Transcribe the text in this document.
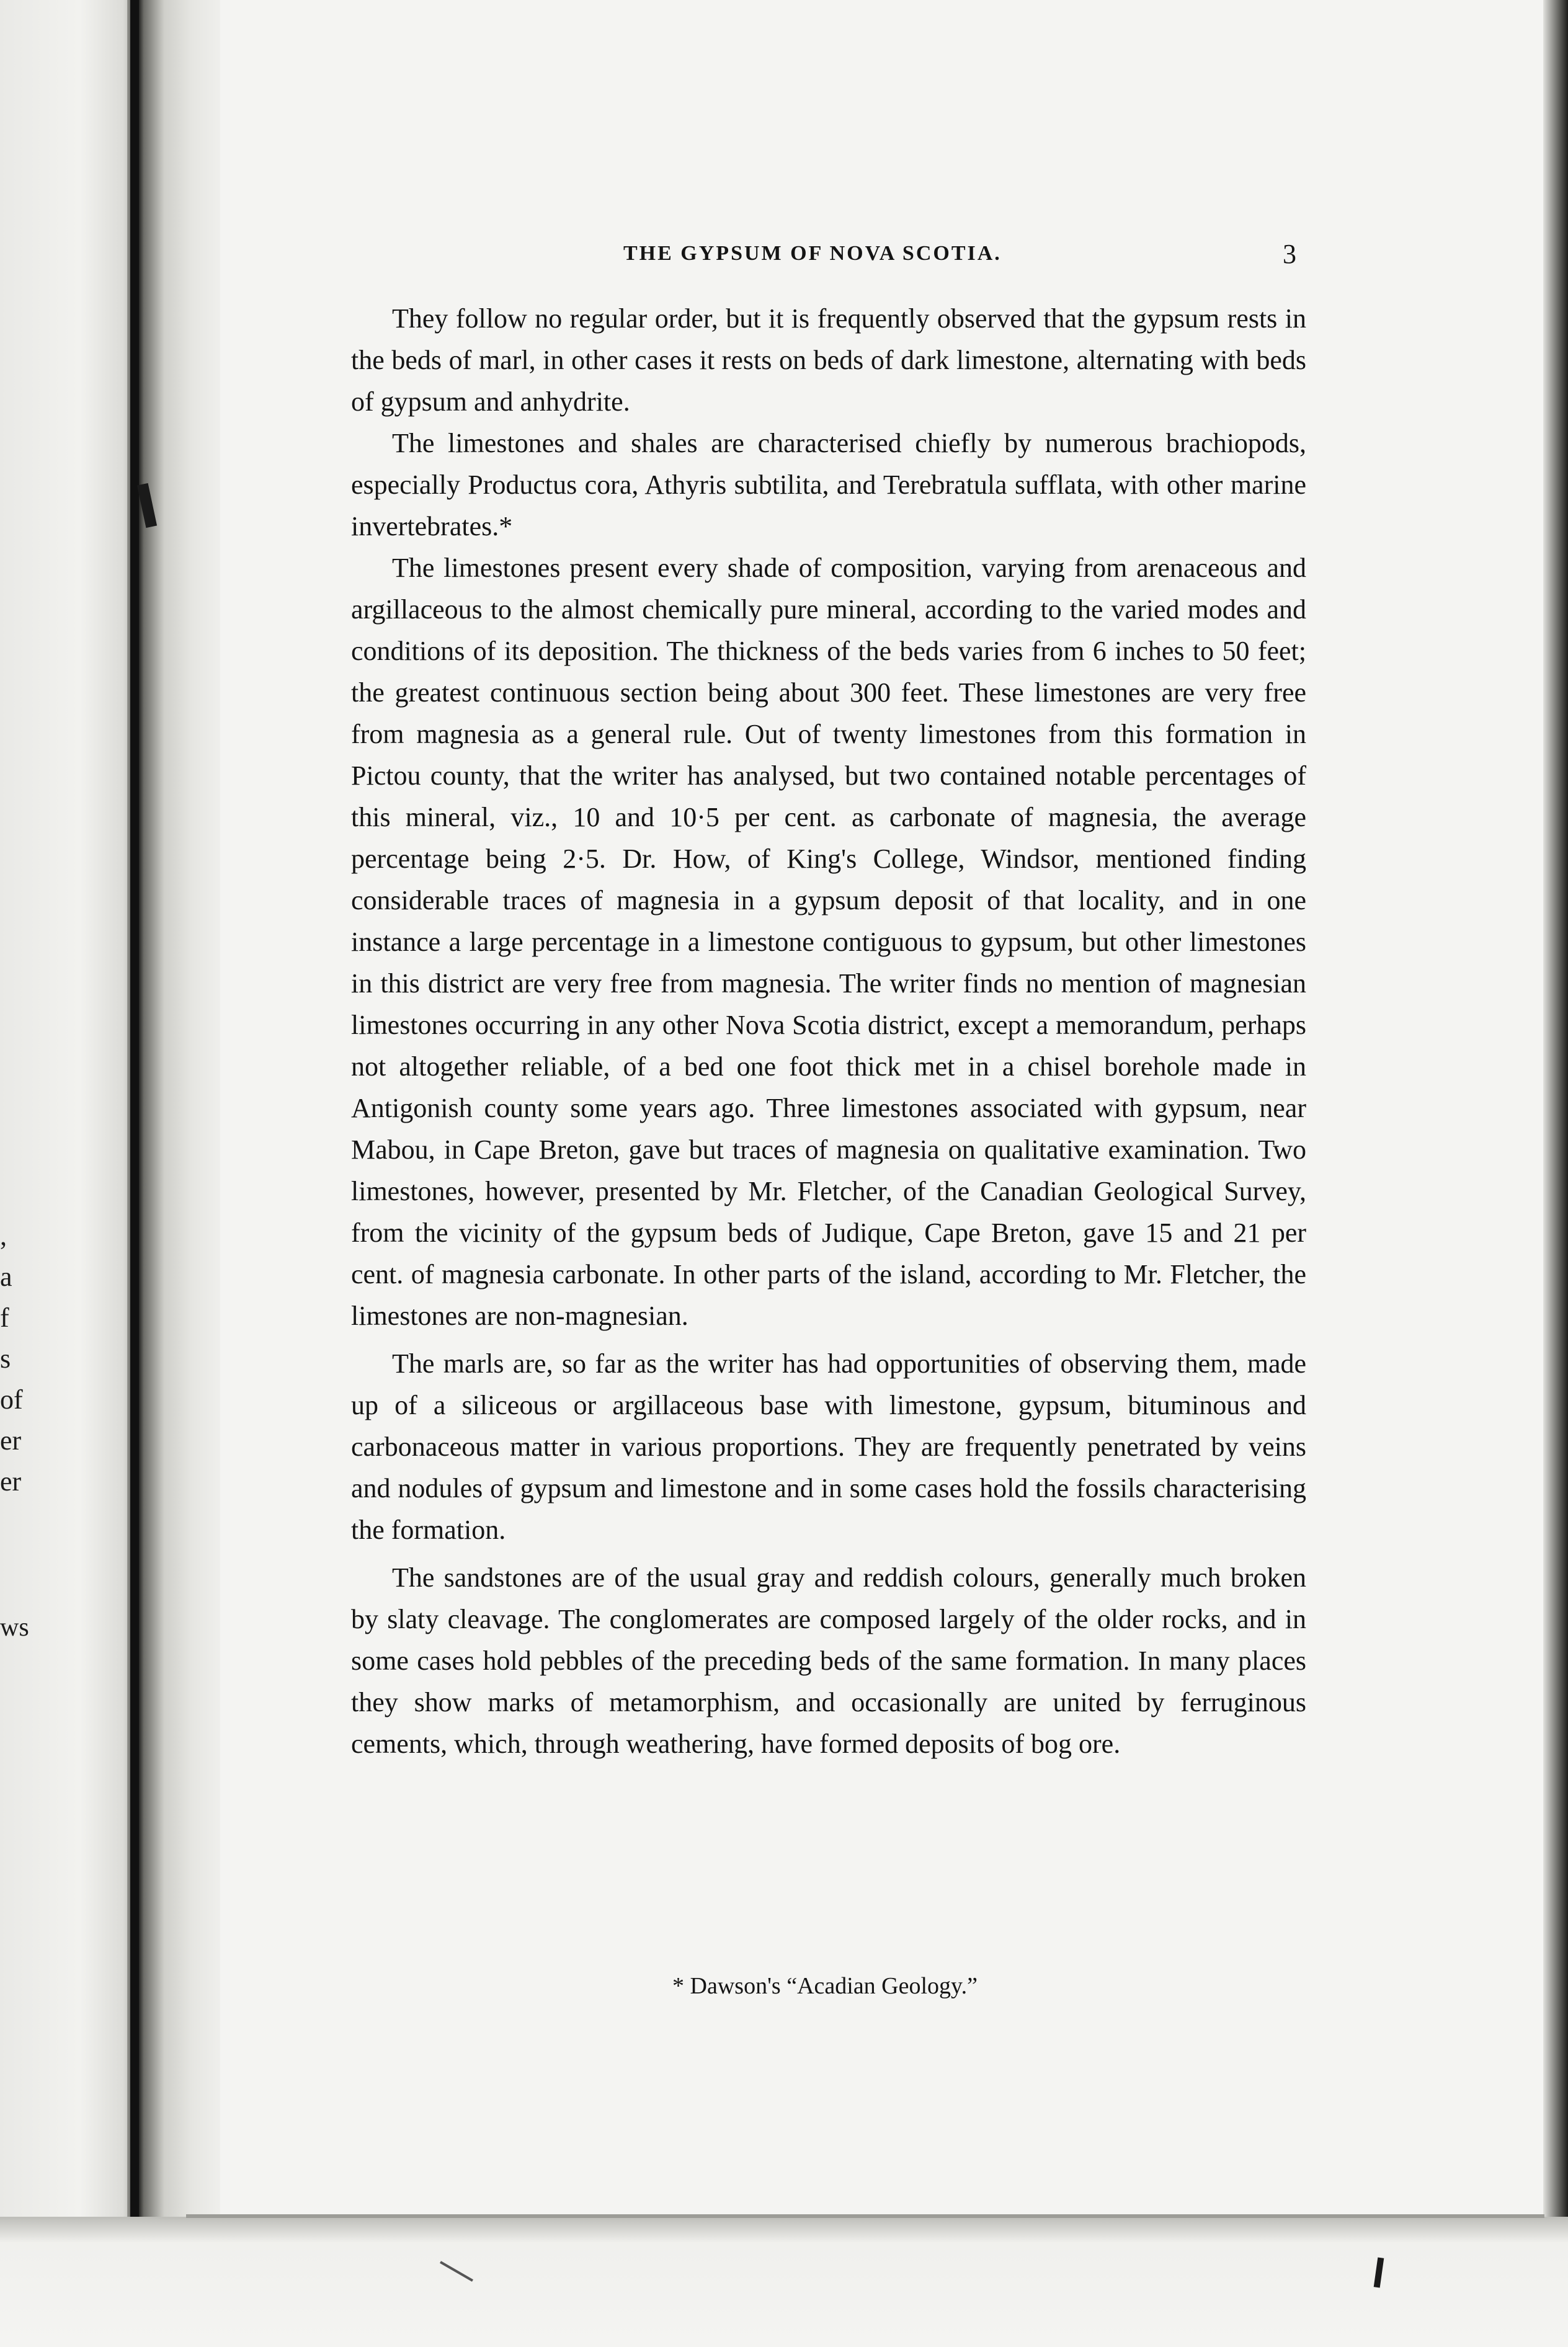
,
a
f
s
of
er
er
ws
THE GYPSUM OF NOVA SCOTIA.	3

They follow no regular order, but it is frequently observed that the gypsum rests in the beds of marl, in other cases it rests on beds of dark limestone, alternating with beds of gypsum and anhydrite.

The limestones and shales are characterised chiefly by numerous brachiopods, especially Productus cora, Athyris subtilita, and Terebratula sufflata, with other marine invertebrates.*

The limestones present every shade of composition, varying from arenaceous and argillaceous to the almost chemically pure mineral, according to the varied modes and conditions of its deposition. The thickness of the beds varies from 6 inches to 50 feet; the greatest continuous section being about 300 feet. These limestones are very free from magnesia as a general rule. Out of twenty limestones from this formation in Pictou county, that the writer has analysed, but two contained notable percentages of this mineral, viz., 10 and 10·5 per cent. as carbonate of magnesia, the average percentage being 2·5. Dr. How, of King's College, Windsor, mentioned finding considerable traces of magnesia in a gypsum deposit of that locality, and in one instance a large percentage in a limestone contiguous to gypsum, but other limestones in this district are very free from magnesia. The writer finds no mention of magnesian limestones occurring in any other Nova Scotia district, except a memorandum, perhaps not altogether reliable, of a bed one foot thick met in a chisel borehole made in Antigonish county some years ago. Three limestones associated with gypsum, near Mabou, in Cape Breton, gave but traces of magnesia on qualitative examination. Two limestones, however, presented by Mr. Fletcher, of the Canadian Geological Survey, from the vicinity of the gypsum beds of Judique, Cape Breton, gave 15 and 21 per cent. of magnesia carbonate. In other parts of the island, according to Mr. Fletcher, the limestones are non-magnesian.

The marls are, so far as the writer has had opportunities of observing them, made up of a siliceous or argillaceous base with limestone, gypsum, bituminous and carbonaceous matter in various proportions. They are frequently penetrated by veins and nodules of gypsum and limestone and in some cases hold the fossils characterising the formation.

The sandstones are of the usual gray and reddish colours, generally much broken by slaty cleavage. The conglomerates are composed largely of the older rocks, and in some cases hold pebbles of the preceding beds of the same formation. In many places they show marks of metamorphism, and occasionally are united by ferruginous cements, which, through weathering, have formed deposits of bog ore.

* Dawson's “Acadian Geology.”
